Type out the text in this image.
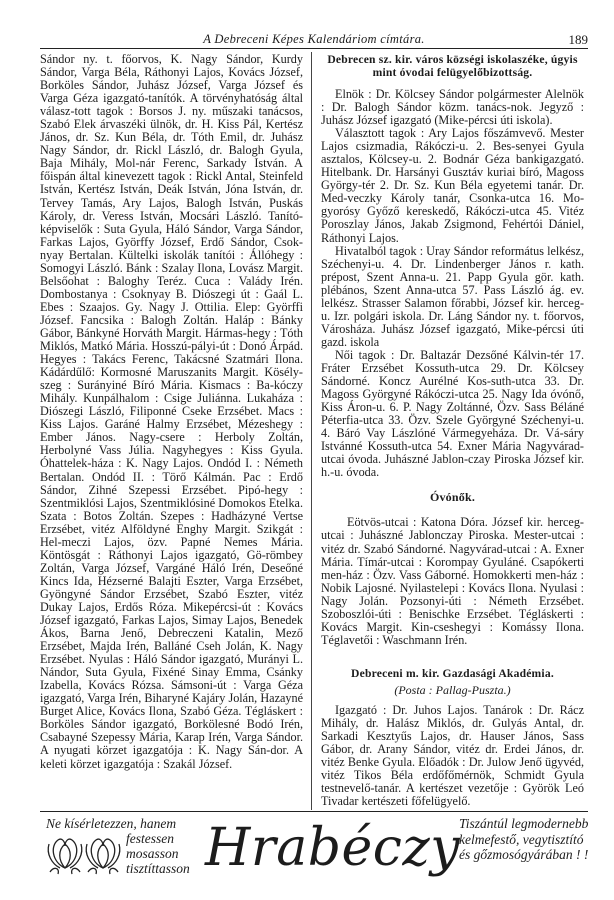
A Debreceni Képes Kalendáriom címtára.	189

Sándor ny. t. főorvos, K. Nagy Sándor, Kurdy Sándor, Varga Béla, Ráthonyi Lajos, Kovács József, Borköles Sándor, Juhász József, Varga József és Varga Géza igazgató-tanítók. A törvényhatóság által válasz-tott tagok : Borsos J. ny. műszaki tanácsos, Szabó Elek árvaszéki ülnök, dr. H. Kiss Pál, Kertész János, dr. Sz. Kun Béla, dr. Tóth Emil, dr. Juhász Nagy Sándor, dr. Rickl László, dr. Balogh Gyula, Baja Mihály, Mol-nár Ferenc, Sarkady István. A főispán által kinevezett tagok : Rickl Antal, Steinfeld István, Kertész István, Deák István, Jóna István, dr. Tervey Tamás, Ary Lajos, Balogh István, Puskás Károly, dr. Veress István, Mocsári László. Tanító-képviselők : Suta Gyula, Háló Sándor, Varga Sándor, Farkas Lajos, Györffy József, Erdő Sándor, Csok-nyay Bertalan. Kültelki iskolák tanítói : Állóhegy : Somogyi László. Bánk : Szalay Ilona, Lovász Margit. Belsőohat : Baloghy Teréz. Cuca : Valády Irén. Dombostanya : Csoknyay B. Diószegi út : Gaál L. Ebes : Szaajos. Gy. Nagy J. Ottilia. Elep: Györffi József. Fancsika : Balogh Zoltán. Haláp : Bánky Gábor, Bánkyné Horváth Margit. Hármas-hegy : Tóth Miklós, Matkó Mária. Hosszú-pályi-út : Donó Árpád. Hegyes : Takács Ferenc, Takácsné Szatmári Ilona. Kádárdűlő: Kormosné Maruszanits Margit. Kösély-szeg : Surányiné Bíró Mária. Kismacs : Ba-kóczy Mihály. Kunpálhalom : Csige Juliánna. Lukaháza : Diószegi László, Filiponné Cseke Erzsébet. Macs : Kiss Lajos. Garáné Halmy Erzsébet, Mézeshegy : Ember János. Nagy-csere : Herboly Zoltán, Herbolyné Vass Júlia. Nagyhegyes : Kiss Gyula. Óhattelek-háza : K. Nagy Lajos. Ondód I. : Németh Bertalan. Ondód II. : Törő Kálmán. Pac : Erdő Sándor, Zihné Szepessi Erzsébet. Pipó-hegy : Szentmiklósi Lajos, Szentmiklósiné Domokos Etelka. Szata : Botos Zoltán. Szepes : Hadházyné Vertse Erzsébet, vitéz Alföldyné Enghy Margit. Szikgát : Hel-meczi Lajos, özv. Papné Nemes Mária. Köntösgát : Ráthonyi Lajos igazgató, Gö-römbey Zoltán, Varga József, Vargáné Háló Irén, Deseőné Kincs Ida, Hézserné Balajti Eszter, Varga Erzsébet, Gyöngyné Sándor Erzsébet, Szabó Eszter, vitéz Dukay Lajos, Erdős Róza. Mikepércsi-út : Kovács József igazgató, Farkas Lajos, Simay Lajos, Benedek Ákos, Barna Jenő, Debreczeni Katalin, Mező Erzsébet, Majda Irén, Balláné Cseh Jolán, K. Nagy Erzsébet. Nyulas : Háló Sándor igazgató, Murányi L. Nándor, Suta Gyula, Fixéné Sinay Emma, Csánky Izabella, Kovács Rózsa. Sámsoni-út : Varga Géza igazgató, Varga Irén, Biharyné Kajáry Jolán, Hazayné Burget Alice, Kovács Ilona, Szabó Géza. Tégláskert : Borköles Sándor igazgató, Borkölesné Bodó Irén, Csabayné Szepessy Mária, Karap Irén, Varga Sándor. A nyugati körzet igazgatója : K. Nagy Sán-dor. A keleti körzet igazgatója : Szakál József.

Debrecen sz. kir. város községi iskolaszéke, úgyis mint óvodai felügyelőbizottság.

Elnök : Dr. Kölcsey Sándor polgármester Alelnök : Dr. Balogh Sándor közm. tanács-nok. Jegyző : Juhász József igazgató (Mike-pércsi úti iskola).

Választott tagok : Ary Lajos főszámvevő. Mester Lajos csizmadia, Rákóczi-u. 2. Bes-senyei Gyula asztalos, Kölcsey-u. 2. Bodnár Géza bankigazgató. Hitelbank. Dr. Harsányi Gusztáv kuriai bíró, Magoss György-tér 2. Dr. Sz. Kun Béla egyetemi tanár. Dr. Med-veczky Károly tanár, Csonka-utca 16. Mo-gyorósy Győző kereskedő, Rákóczi-utca 45. Vitéz Poroszlay János, Jakab Zsigmond, Fehértói Dániel, Ráthonyi Lajos.

Hivatalból tagok : Uray Sándor református lelkész, Széchenyi-u. 4. Dr. Lindenberger János r. kath. prépost, Szent Anna-u. 21. Papp Gyula gör. kath. plébános, Szent Anna-utca 57. Pass László ág. ev. lelkész. Strasser Salamon főrabbi, József kir. herceg-u. Izr. polgári iskola. Dr. Láng Sándor ny. t. főorvos, Városháza. Juhász József igazgató, Mike-pércsi úti gazd. iskola

Női tagok : Dr. Baltazár Dezsőné Kálvin-tér 17. Fráter Erzsébet Kossuth-utca 29. Dr. Kölcsey Sándorné. Koncz Aurélné Kos-suth-utca 33. Dr. Magoss Györgyné Rákóczi-utca 25. Nagy Ida óvónő, Kiss Áron-u. 6. P. Nagy Zoltánné, Özv. Sass Béláné Péterfia-utca 33. Özv. Szele Györgyné Széchenyi-u. 4. Báró Vay Lászlóné Vármegyeháza. Dr. Vá-sáry Istvánné Kossuth-utca 54. Exner Mária Nagyvárad-utcai óvoda. Juhászné Jablon-czay Piroska József kir. h.-u. óvoda.

Óvónők.

Eötvös-utcai : Katona Dóra. József kir. herceg-utcai : Juhászné Jablonczay Piroska. Mester-utcai : vitéz dr. Szabó Sándorné. Nagyvárad-utcai : A. Exner Mária. Tímár-utcai : Korompay Gyuláné. Csapókerti men-ház : Özv. Vass Gáborné. Homokkerti men-ház : Nobik Lajosné. Nyilastelepi : Kovács Ilona. Nyulasi : Nagy Jolán. Pozsonyi-úti : Németh Erzsébet. Szoboszlói-úti : Benischke Erzsébet. Tégláskerti : Kovács Margit. Kin-cseshegyi : Komássy Ilona. Téglavetői : Waschmann Irén.

Debreceni m. kir. Gazdasági Akadémia.

(Posta : Pallag-Puszta.)

Igazgató : Dr. Juhos Lajos. Tanárok : Dr. Rácz Mihály, dr. Halász Miklós, dr. Gulyás Antal, dr. Sarkadi Kesztyűs Lajos, dr. Hauser János, Sass Gábor, dr. Arany Sándor, vitéz dr. Erdei János, dr. vitéz Benke Gyula. Előadók : Dr. Julow Jenő ügyvéd, vitéz Tikos Béla erdőfőmérnök, Schmidt Gyula testnevelő-tanár. A kertészet vezetője : Györök Leó Tivadar kertészeti főfelügyelő.

Ne kísérletezzen, hanem
festessen
mosasson
tisztíttasson Hrabéczy
Tiszántúl legmodernebb
kelmefestő, vegytisztító
és gőzmosógyárában ! !
